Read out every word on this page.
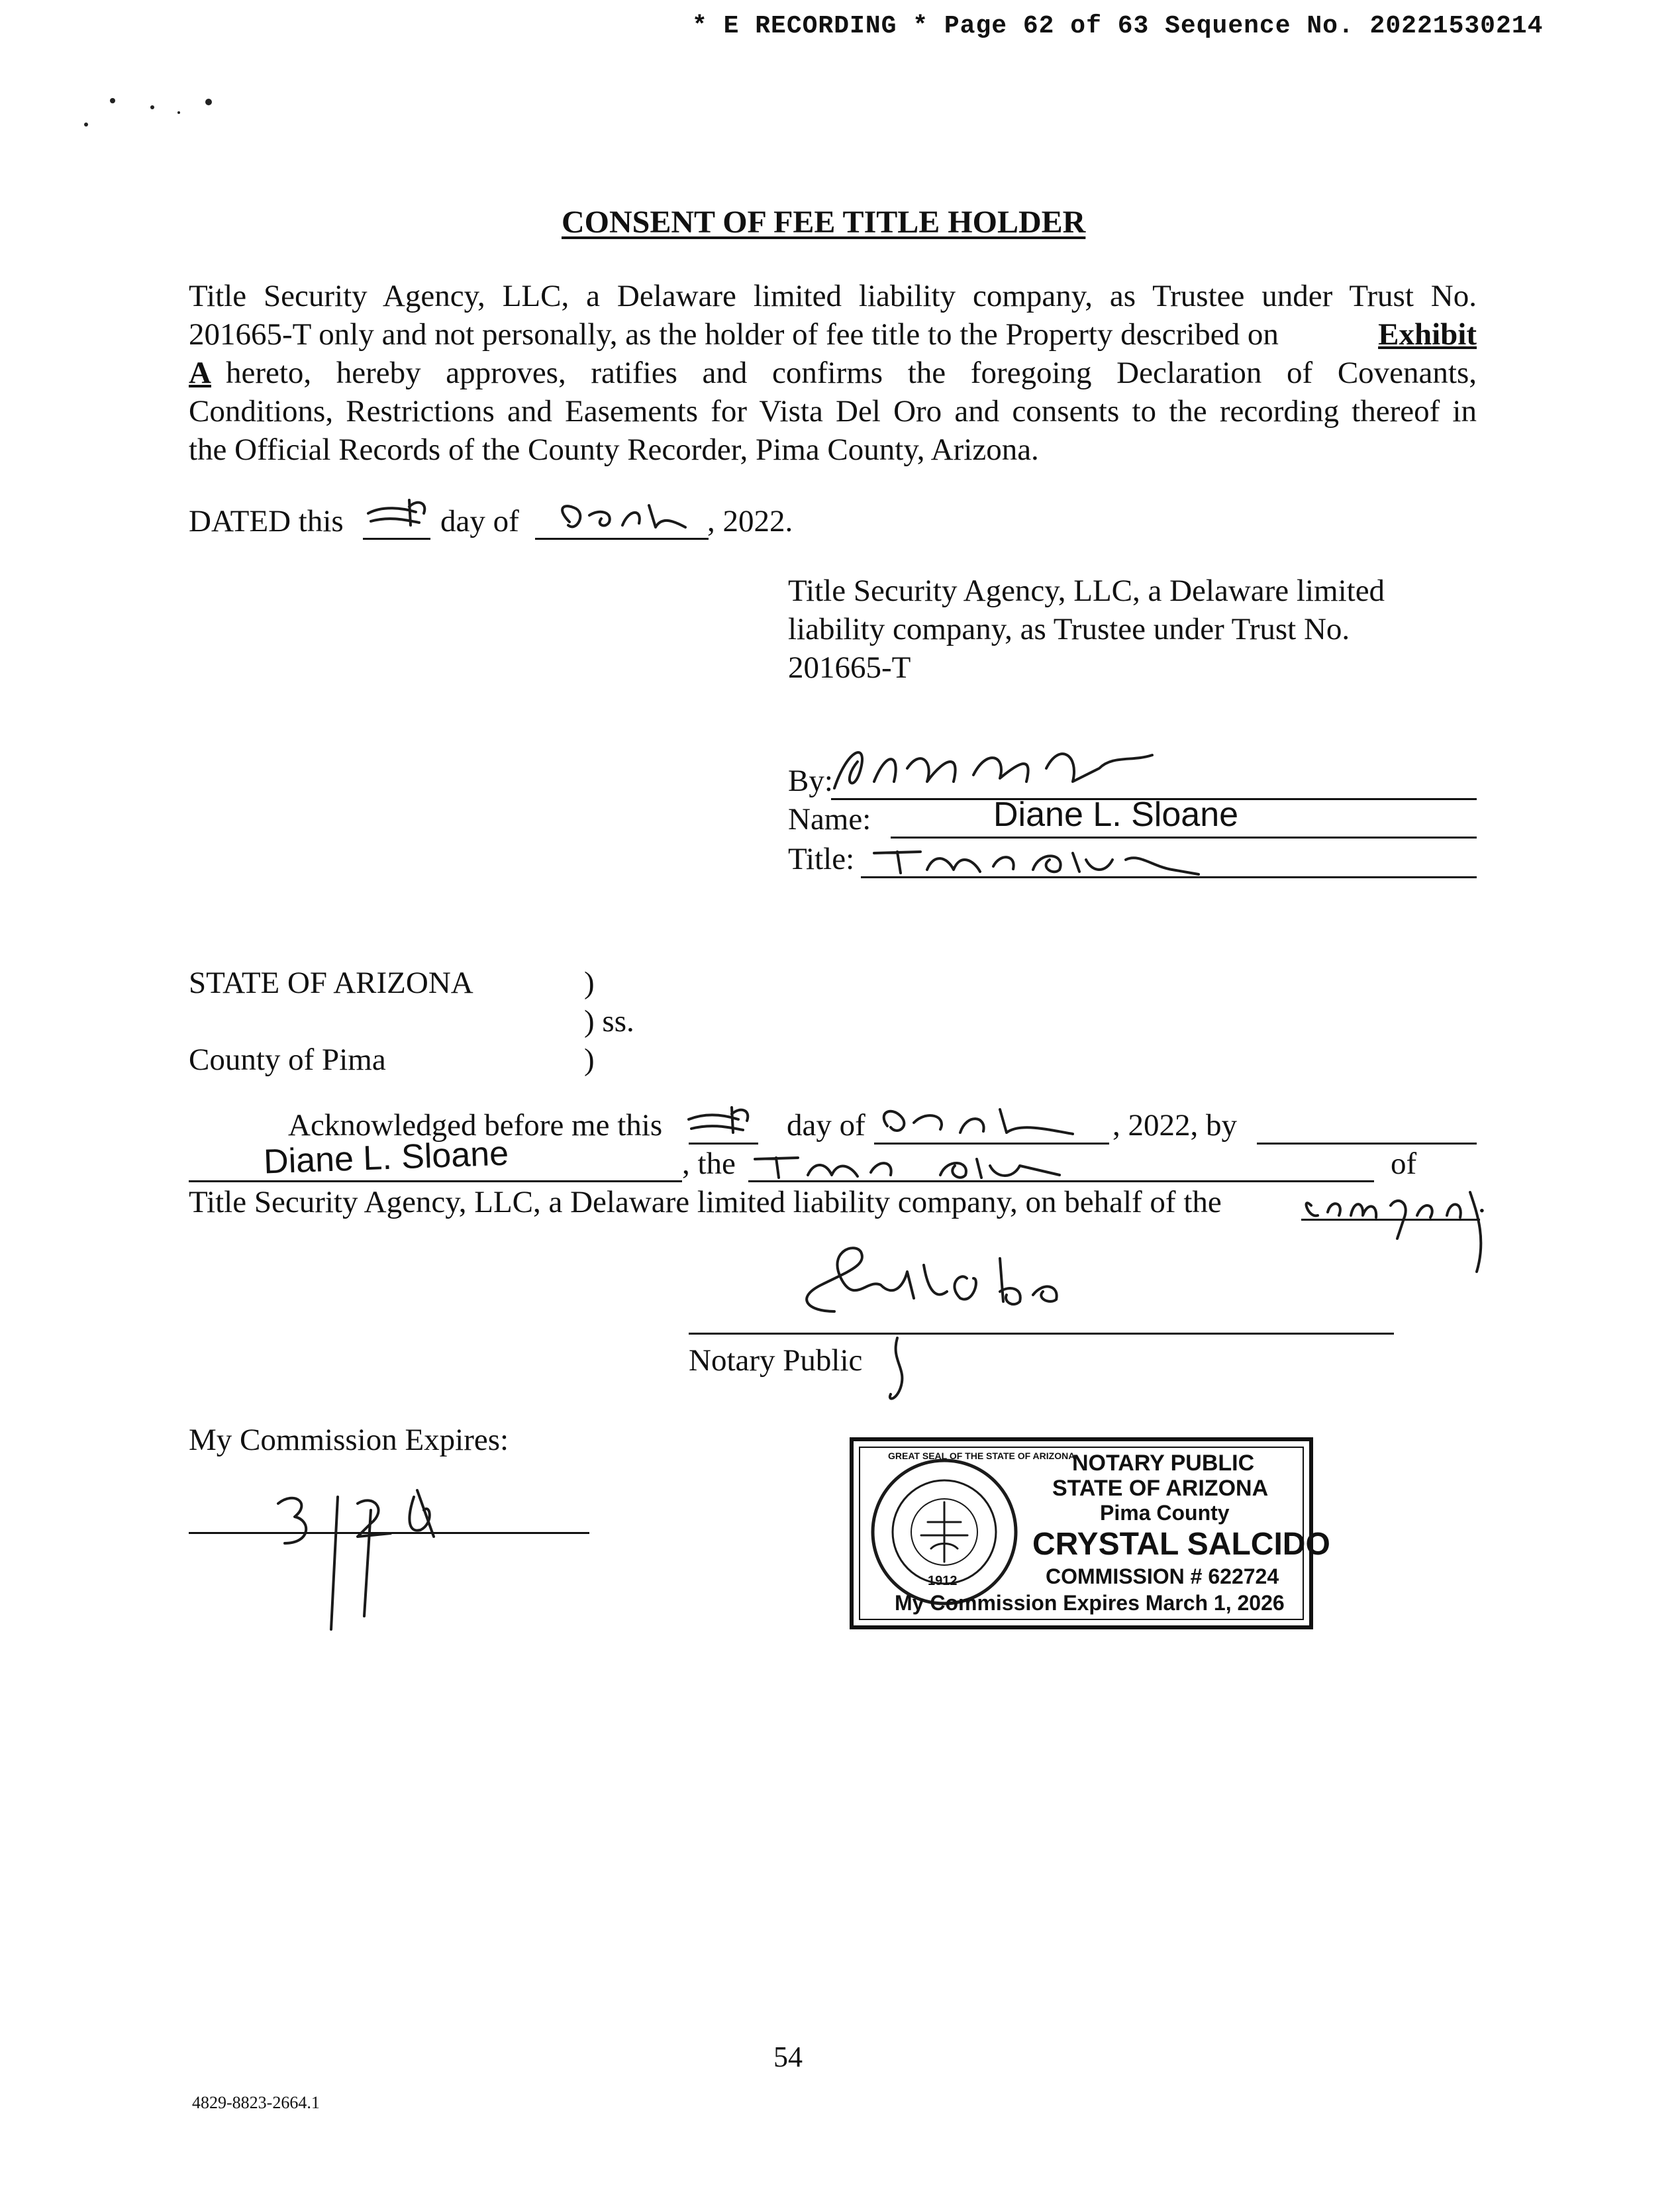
* E RECORDING * Page 62 of 63 Sequence No. 20221530214
CONSENT OF FEE TITLE HOLDER
Title Security Agency, LLC, a Delaware limited liability company, as Trustee under Trust No.
201665-T only and not personally, as the holder of fee title to the Property described on	Exhibit
A hereto, hereby approves, ratifies and confirms the foregoing Declaration of Covenants,
Conditions, Restrictions and Easements for Vista Del Oro and consents to the recording thereof in
the Official Records of the County Recorder, Pima County, Arizona.
DATED this	day of	, 2022.
Title Security Agency, LLC, a Delaware limited
liability company, as Trustee under Trust No.
201665-T
By:
Name:	Diane L. Sloane
Title:
STATE OF ARIZONA	)
) ss.
County of Pima	)
Acknowledged before me this	day of	, 2022, by
Diane L. Sloane	, the	of
Title Security Agency, LLC, a Delaware limited liability company, on behalf of the	.
Notary Public
My Commission Expires:
1912
GREAT SEAL OF THE STATE OF ARIZONA
NOTARY PUBLIC
STATE OF ARIZONA
Pima County
CRYSTAL SALCIDO
COMMISSION # 622724
My Commission Expires March 1, 2026
54
4829-8823-2664.1
